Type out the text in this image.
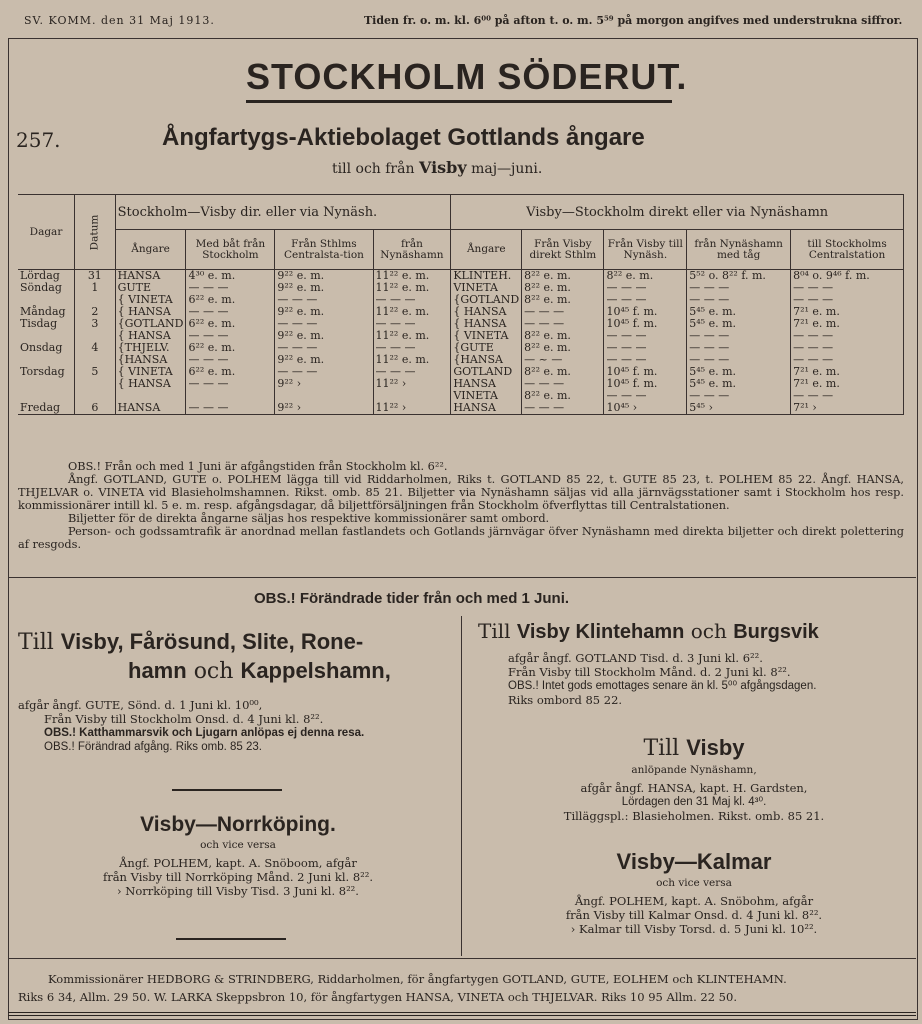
SV. KOMM. den 31 Maj 1913.	Tiden fr. o. m. kl. 6⁰⁰ på afton t. o. m. 5⁵⁹ på morgon angifves med understrukna siffror.
STOCKHOLM SÖDERUT.
257.	Ångfartygs-Aktiebolaget Gottlands ångare
till och från Visby maj—juni.
Dagar	Datum	Stockholm—Visby dir. eller via Nynäsh.				Visby—Stockholm direkt eller via Nynäshamn				
		Ångare	Med båt från Stockholm	Från Sthlms Centralsta-tion	från Nynäshamn	Ångare	Från Visby direkt Sthlm	Från Visby till Nynäsh.	från Nynäshamn med tåg	till Stockholms Centralstation
Lördag	31	HANSA	4³⁰ e. m.	9²² e. m.	11²² e. m.	KLINTEH.	8²² e. m.	8²² e. m.	5⁵² o. 8²² f. m.	8⁰⁴ o. 9⁴⁶ f. m.
Söndag	1	GUTE	— — —	9²² e. m.	11²² e. m.	VINETA	8²² e. m.	— — —	— — —	— — —
		{ VINETA	6²² e. m.	— — —	— — —	{GOTLAND	8²² e. m.	— — —	— — —	— — —
Måndag	2	{ HANSA	— — —	9²² e. m.	11²² e. m.	{ HANSA	— — —	10⁴⁵ f. m.	5⁴⁵ e. m.	7²¹ e. m.
Tisdag	3	{GOTLAND	6²² e. m.	— — —	— — —	{ HANSA	— — —	10⁴⁵ f. m.	5⁴⁵ e. m.	7²¹ e. m.
		{ HANSA	— — —	9²² e. m.	11²² e. m.	{ VINETA	8²² e. m.	— — —	— — —	— — —
Onsdag	4	{THJELV.	6²² e. m.	— — —	— — —	{GUTE	8²² e. m.	— — —	— — —	— — —
		{HANSA	— — —	9²² e. m.	11²² e. m.	{HANSA	— ~ —	— — —	— — —	— — —
Torsdag	5	{ VINETA	6²² e. m.	— — —	— — —	GOTLAND	8²² e. m.	10⁴⁵ f. m.	5⁴⁵ e. m.	7²¹ e. m.
		{ HANSA	— — —	9²² ›	11²² ›	HANSA	— — —	10⁴⁵ f. m.	5⁴⁵ e. m.	7²¹ e. m.
						VINETA	8²² e. m.	— — —	— — —	— — —
Fredag	6	HANSA	— — —	9²² ›	11²² ›	HANSA	— — —	10⁴⁵ ›	5⁴⁵ ›	7²¹ ›

OBS.! Från och med 1 Juni är afgångstiden från Stockholm kl. 6²².

Ångf. GOTLAND, GUTE o. POLHEM lägga till vid Riddarholmen, Riks t. GOTLAND 85 22, t. GUTE 85 23, t. POLHEM 85 22. Ångf. HANSA, THJELVAR o. VINETA vid Blasieholmshamnen. Rikst. omb. 85 21. Biljetter via Nynäshamn säljas vid alla järnvägsstationer samt i Stockholm hos resp. kommissionärer intill kl. 5 e. m. resp. afgångsdagar, då biljettförsäljningen från Stockholm öfverflyttas till Centralstationen.

Biljetter för de direkta ångarne säljas hos respektive kommissionärer samt ombord.

Person- och godssamtrafik är anordnad mellan fastlandets och Gotlands järnvägar öfver Nynäshamn med direkta biljetter och direkt polettering af resgods.

OBS.! Förändrade tider från och med 1 Juni.
Till Visby, Fårösund, Slite, Rone-
hamn och Kappelshamn,
afgår ångf. GUTE, Sönd. d. 1 Juni kl. 10⁰⁰,
Från Visby till Stockholm Onsd. d. 4 Juni kl. 8²².
OBS.! Katthammarsvik och Ljugarn anlöpas ej denna resa.
OBS.! Förändrad afgång. Riks omb. 85 23.
Visby—Norrköping.
och vice versa
Ångf. POLHEM, kapt. A. Snöboom, afgår
från Visby till Norrköping Månd. 2 Juni kl. 8²².
› Norrköping till Visby Tisd. 3 Juni kl. 8²².
Till Visby Klintehamn och Burgsvik
afgår ångf. GOTLAND Tisd. d. 3 Juni kl. 6²².
Från Visby till Stockholm Månd. d. 2 Juni kl. 8²².
OBS.! Intet gods emottages senare än kl. 5⁰⁰ afgångsdagen.
Riks ombord 85 22.
Till Visby
anlöpande Nynäshamn,
afgår ångf. HANSA, kapt. H. Gardsten,
Lördagen den 31 Maj kl. 4³⁰.
Tilläggspl.: Blasieholmen. Rikst. omb. 85 21.
Visby—Kalmar
och vice versa
Ångf. POLHEM, kapt. A. Snöbohm, afgår
från Visby till Kalmar Onsd. d. 4 Juni kl. 8²².
› Kalmar till Visby Torsd. d. 5 Juni kl. 10²².
Kommissionärer HEDBORG & STRINDBERG, Riddarholmen, för ångfartygen GOTLAND, GUTE, EOLHEM och KLINTEHAMN.
Riks 6 34, Allm. 29 50. W. LARKA Skeppsbron 10, för ångfartygen HANSA, VINETA och THJELVAR. Riks 10 95 Allm. 22 50.
